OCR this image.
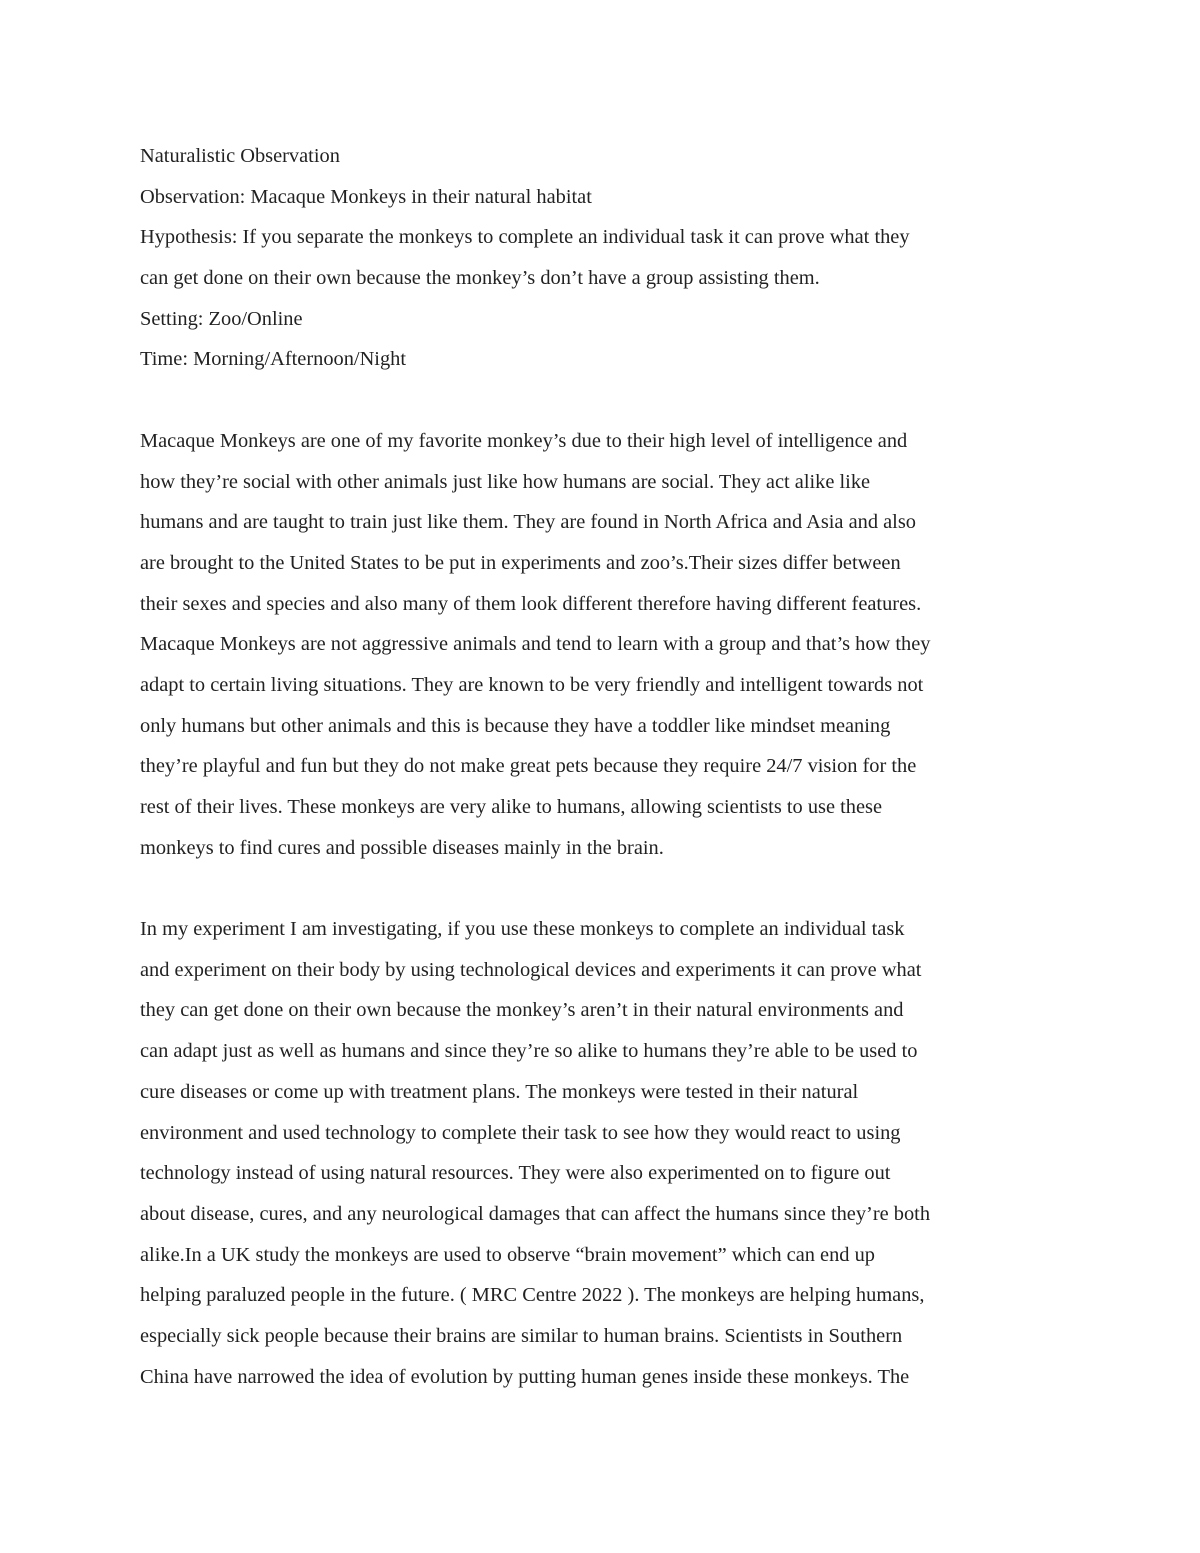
Naturalistic Observation
Observation: Macaque Monkeys in their natural habitat
Hypothesis: If you separate the monkeys to complete an individual task it can prove what they
can get done on their own because the monkey’s don’t have a group assisting them.
Setting: Zoo/Online
Time: Morning/Afternoon/Night
Macaque Monkeys are one of my favorite monkey’s due to their high level of intelligence and
how they’re social with other animals just like how humans are social. They act alike like
humans and are taught to train just like them. They are found in North Africa and Asia and also
are brought to the United States to be put in experiments and zoo’s.Their sizes differ between
their sexes and species and also many of them look different therefore having different features.
Macaque Monkeys are not aggressive animals and tend to learn with a group and that’s how they
adapt to certain living situations. They are known to be very friendly and intelligent towards not
only humans but other animals and this is because they have a toddler like mindset meaning
they’re playful and fun but they do not make great pets because they require 24/7 vision for the
rest of their lives. These monkeys are very alike to humans, allowing scientists to use these
monkeys to find cures and possible diseases mainly in the brain.
In my experiment I am investigating, if you use these monkeys to complete an individual task
and experiment on their body by using technological devices and experiments it can prove what
they can get done on their own because the monkey’s aren’t in their natural environments and
can adapt just as well as humans and since they’re so alike to humans they’re able to be used to
cure diseases or come up with treatment plans. The monkeys were tested in their natural
environment and used technology to complete their task to see how they would react to using
technology instead of using natural resources. They were also experimented on to figure out
about disease, cures, and any neurological damages that can affect the humans since they’re both
alike.In a UK study the monkeys are used to observe “brain movement” which can end up
helping paraluzed people in the future. ( MRC Centre 2022 ). The monkeys are helping humans,
especially sick people because their brains are similar to human brains. Scientists in Southern
China have narrowed the idea of evolution by putting human genes inside these monkeys. The
